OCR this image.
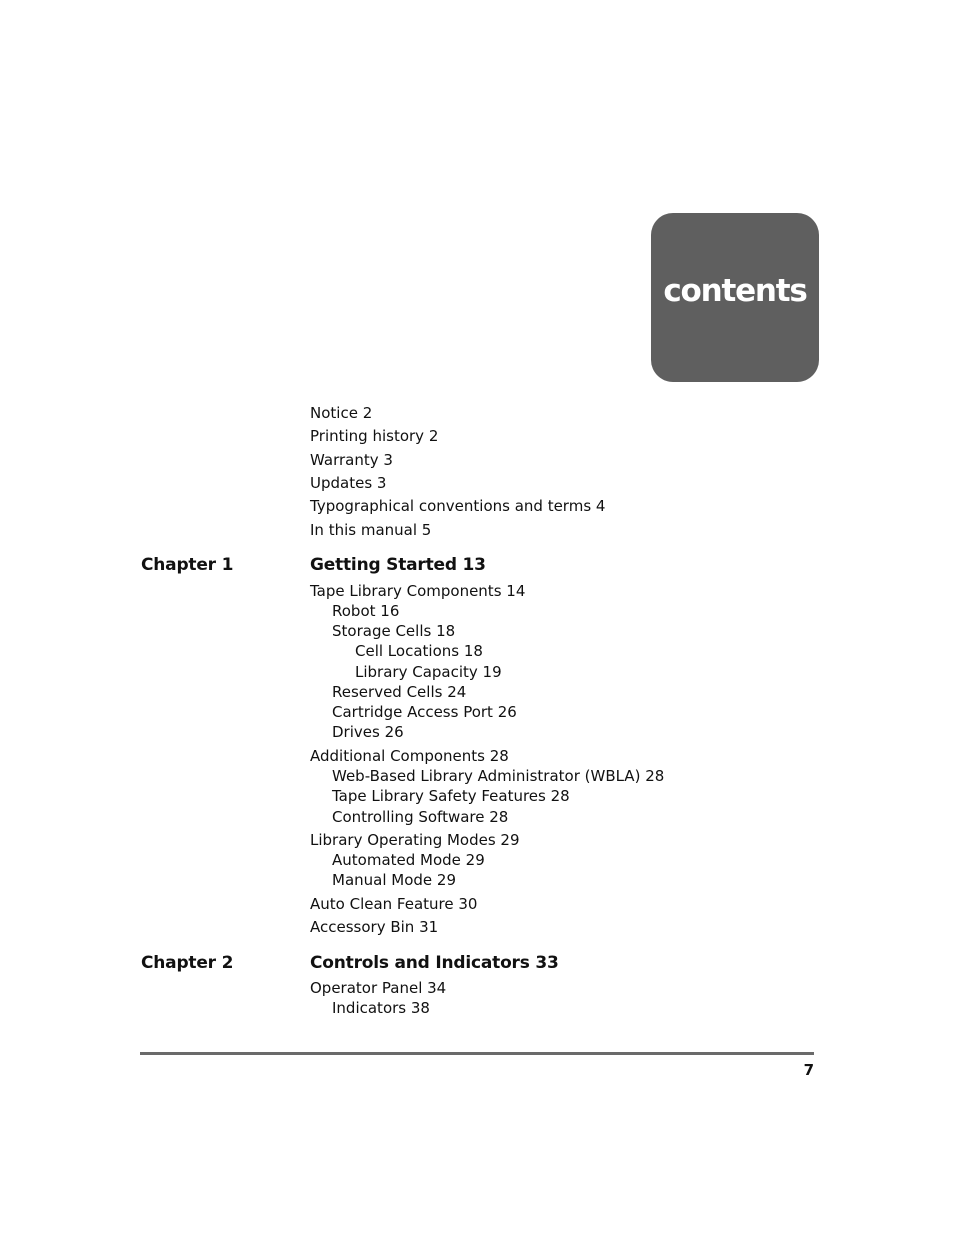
contents
Notice 2
Printing history 2
Warranty 3
Updates 3
Typographical conventions and terms 4
In this manual 5
Chapter 1	Getting Started 13
Tape Library Components 14
Robot 16
Storage Cells 18
Cell Locations 18
Library Capacity 19
Reserved Cells 24
Cartridge Access Port 26
Drives 26
Additional Components 28
Web-Based Library Administrator (WBLA) 28
Tape Library Safety Features 28
Controlling Software 28
Library Operating Modes 29
Automated Mode 29
Manual Mode 29
Auto Clean Feature 30
Accessory Bin 31
Chapter 2	Controls and Indicators 33
Operator Panel 34
Indicators 38
7
